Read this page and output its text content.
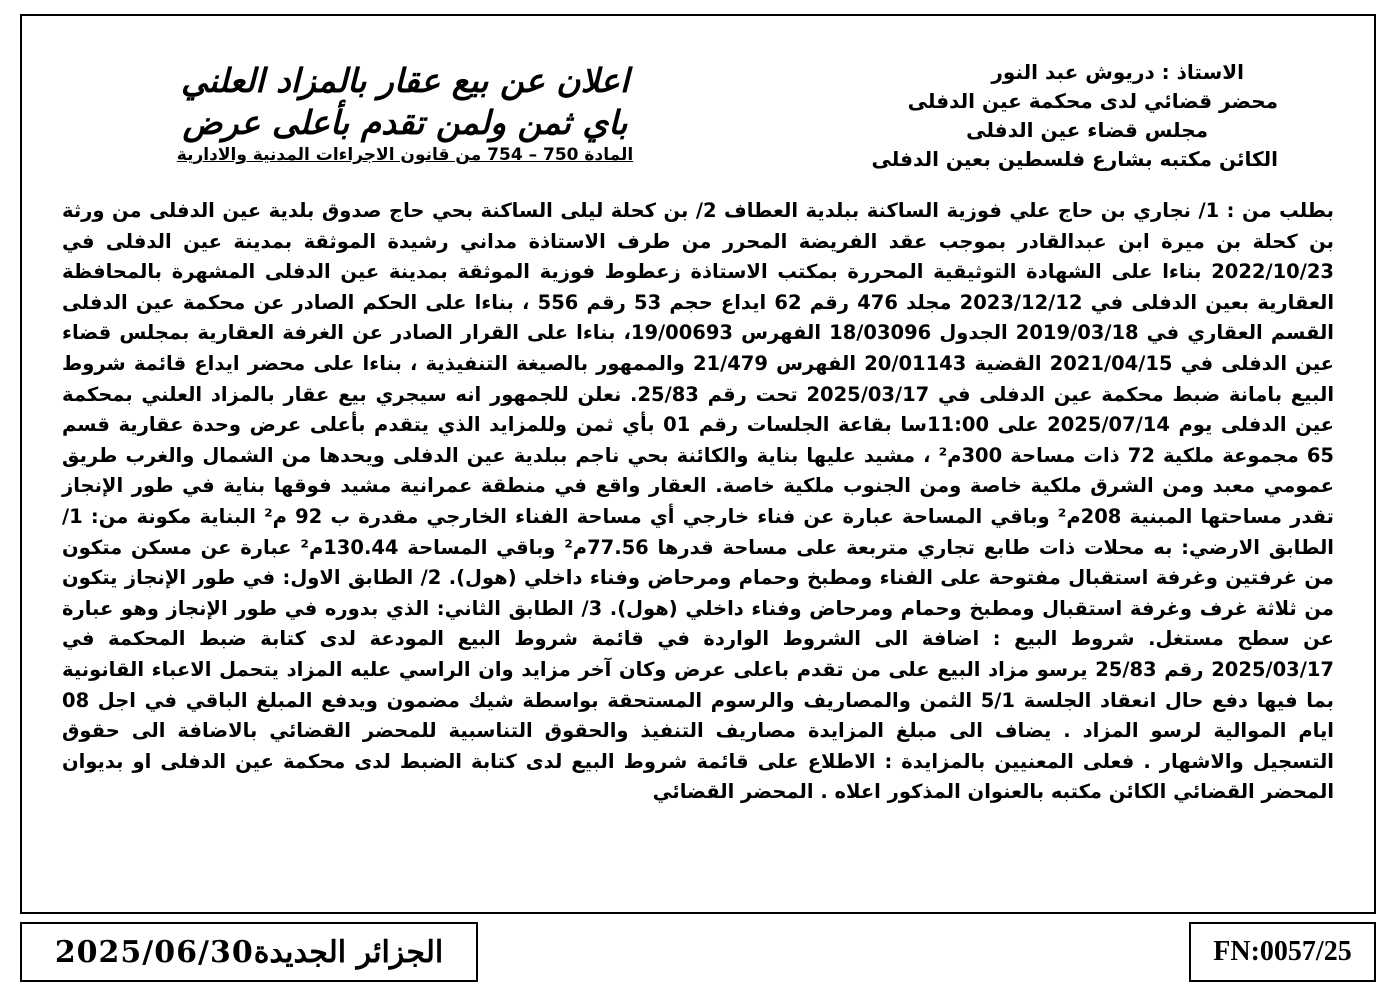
الاستاذ : دريوش عبد النور
محضر قضائي لدى محكمة عين الدفلى
مجلس قضاء عين الدفلى
الكائن مكتبه بشارع فلسطين بعين الدفلى
اعلان عن بيع عقار بالمزاد العلني
باي ثمن ولمن تقدم بأعلى عرض
المادة 750 – 754 من قانون الاجراءات المدنية والادارية
بطلب من : 1/ نجاري بن حاج علي فوزية الساكنة ببلدية العطاف 2/ بن كحلة ليلى الساكنة بحي حاج صدوق بلدية عين الدفلى من ورثة بن كحلة بن ميرة ابن عبدالقادر بموجب عقد الفريضة المحرر من طرف الاستاذة مداني رشيدة الموثقة بمدينة عين الدفلى في 2022/10/23 بناءا على الشهادة التوثيقية المحررة بمكتب الاستاذة زعطوط فوزية الموثقة بمدينة عين الدفلى المشهرة بالمحافظة العقارية بعين الدفلى في 2023/12/12 مجلد 476 رقم 62 ايداع حجم 53 رقم 556 ، بناءا على الحكم الصادر عن محكمة عين الدفلى القسم العقاري في 2019/03/18 الجدول 18/03096 الفهرس 19/00693، بناءا على القرار الصادر عن الغرفة العقارية بمجلس قضاء عين الدفلى في 2021/04/15 القضية 20/01143 الفهرس 21/479 والممهور بالصيغة التنفيذية ، بناءا على محضر ايداع قائمة شروط البيع بامانة ضبط محكمة عين الدفلى في 2025/03/17 تحت رقم 25/83. نعلن للجمهور انه سيجري بيع عقار بالمزاد العلني بمحكمة عين الدفلى يوم 2025/07/14 على 11:00سا بقاعة الجلسات رقم 01 بأي ثمن وللمزايد الذي يتقدم بأعلى عرض وحدة عقارية قسم 65 مجموعة ملكية 72 ذات مساحة 300م² ، مشيد عليها بناية والكائنة بحي ناجم ببلدية عين الدفلى ويحدها من الشمال والغرب طريق عمومي معبد ومن الشرق ملكية خاصة ومن الجنوب ملكية خاصة. العقار واقع في منطقة عمرانية مشيد فوقها بناية في طور الإنجاز تقدر مساحتها المبنية 208م² وباقي المساحة عبارة عن فناء خارجي أي مساحة الفناء الخارجي مقدرة ب 92 م² البناية مكونة من: 1/ الطابق الارضي: به محلات ذات طابع تجاري متربعة على مساحة قدرها 77.56م² وباقي المساحة 130.44م² عبارة عن مسكن متكون من غرفتين وغرفة استقبال مفتوحة على الفناء ومطبخ وحمام ومرحاض وفناء داخلي (هول). 2/ الطابق الاول: في طور الإنجاز يتكون من ثلاثة غرف وغرفة استقبال ومطبخ وحمام ومرحاض وفناء داخلي (هول). 3/ الطابق الثاني: الذي بدوره في طور الإنجاز وهو عبارة عن سطح مستغل. شروط البيع : اضافة الى الشروط الواردة في قائمة شروط البيع المودعة لدى كتابة ضبط المحكمة في 2025/03/17 رقم 25/83 يرسو مزاد البيع على من تقدم باعلى عرض وكان آخر مزايد وان الراسي عليه المزاد يتحمل الاعباء القانونية بما فيها دفع حال انعقاد الجلسة 5/1 الثمن والمصاريف والرسوم المستحقة بواسطة شيك مضمون ويدفع المبلغ الباقي في اجل 08 ايام الموالية لرسو المزاد . يضاف الى مبلغ المزايدة مصاريف التنفيذ والحقوق التناسبية للمحضر القضائي بالاضافة الى حقوق التسجيل والاشهار . فعلى المعنيين بالمزايدة : الاطلاع على قائمة شروط البيع لدى كتابة الضبط لدى محكمة عين الدفلى او بديوان المحضر القضائي الكائن مكتبه بالعنوان المذكور اعلاه . المحضر القضائي
الجزائر الجديدة
2025/06/30	FN:0057/25
